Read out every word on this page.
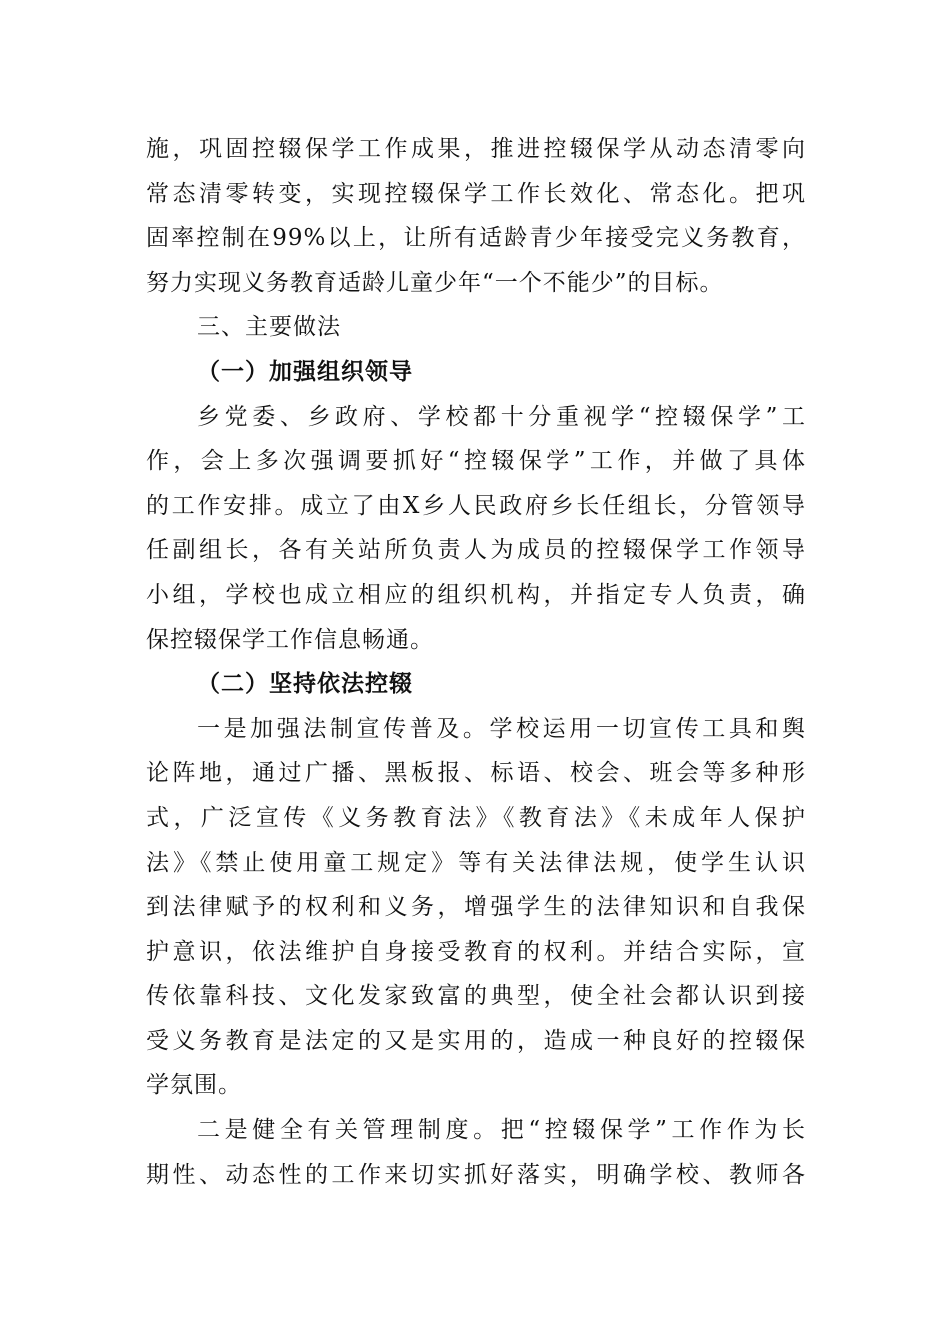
施，巩固控辍保学工作成果，推进控辍保学从动态清零向
常态清零转变，实现控辍保学工作长效化、常态化。把巩
固率控制在99%以上，让所有适龄青少年接受完义务教育，
努力实现义务教育适龄儿童少年“一个不能少”的目标。
三、主要做法
（一）加强组织领导
乡党委、乡政府、学校都十分重视学“控辍保学”工
作，会上多次强调要抓好“控辍保学”工作，并做了具体
的工作安排。成立了由X乡人民政府乡长任组长，分管领导
任副组长，各有关站所负责人为成员的控辍保学工作领导
小组，学校也成立相应的组织机构，并指定专人负责，确
保控辍保学工作信息畅通。
（二）坚持依法控辍
一是加强法制宣传普及。学校运用一切宣传工具和舆
论阵地，通过广播、黑板报、标语、校会、班会等多种形
式，广泛宣传《义务教育法》《教育法》《未成年人保护
法》《禁止使用童工规定》等有关法律法规，使学生认识
到法律赋予的权利和义务，增强学生的法律知识和自我保
护意识，依法维护自身接受教育的权利。并结合实际，宣
传依靠科技、文化发家致富的典型，使全社会都认识到接
受义务教育是法定的又是实用的，造成一种良好的控辍保
学氛围。
二是健全有关管理制度。把“控辍保学”工作作为长
期性、动态性的工作来切实抓好落实，明确学校、教师各
